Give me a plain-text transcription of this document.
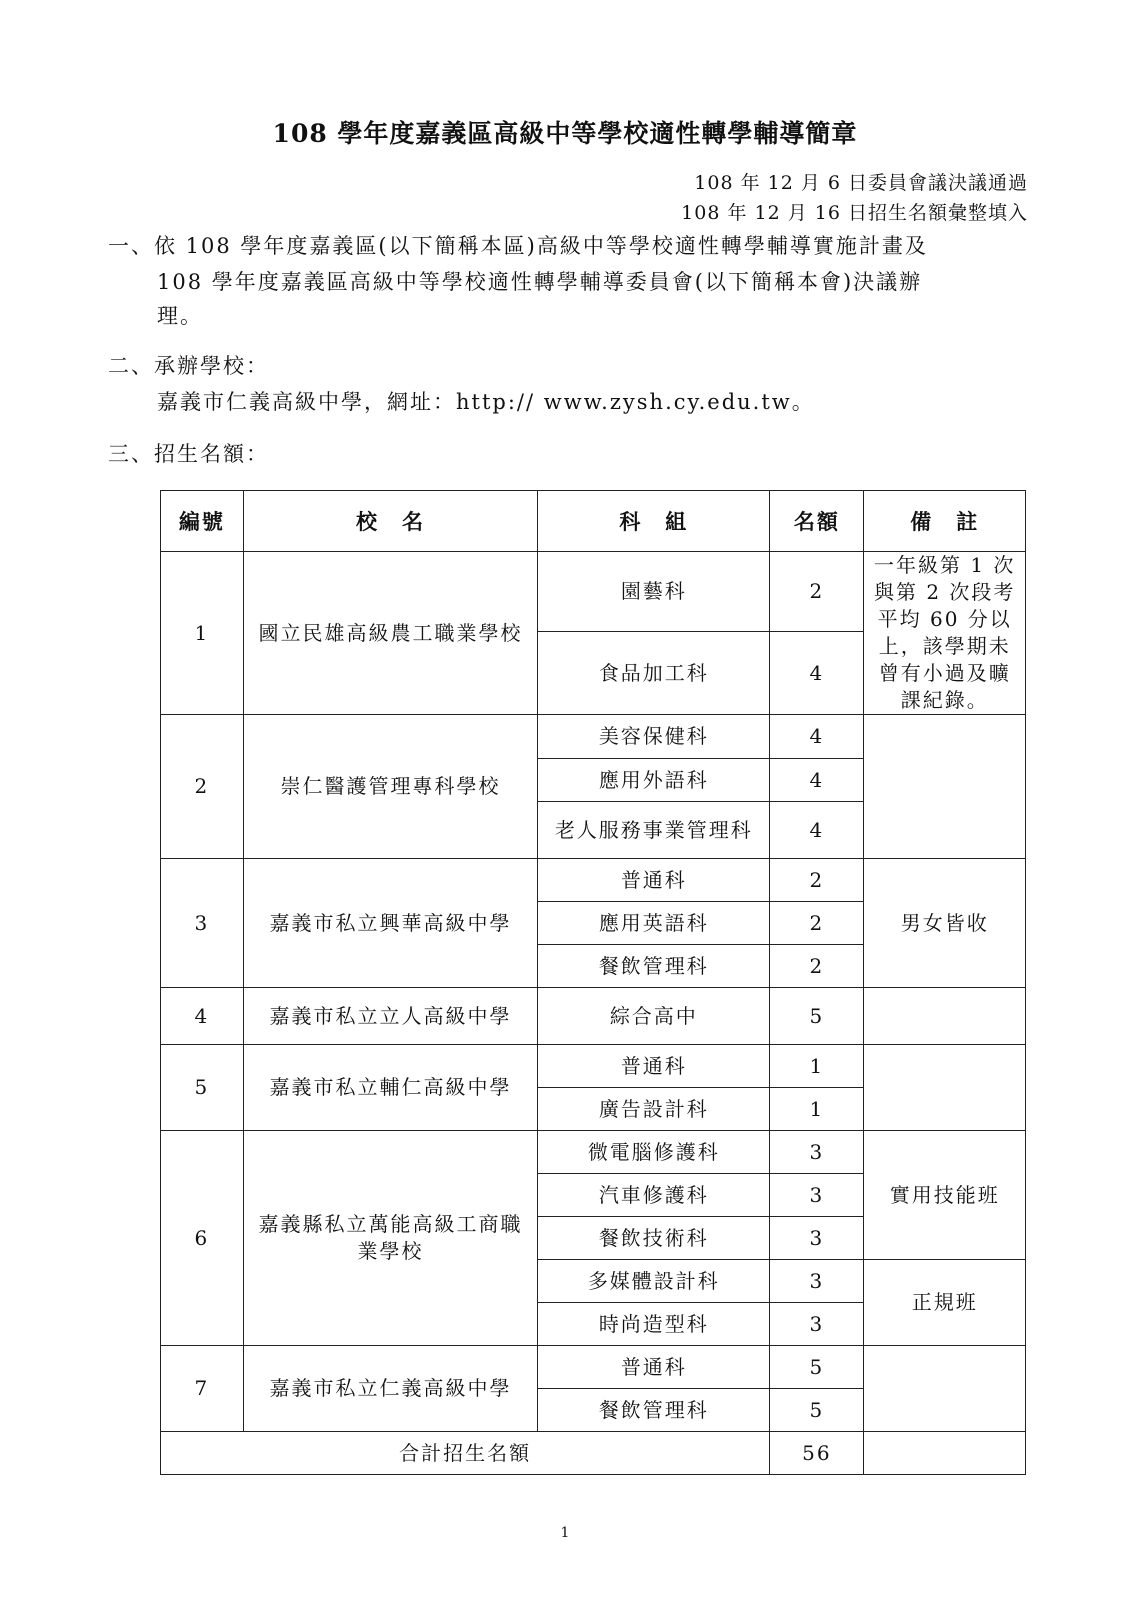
108 學年度嘉義區高級中等學校適性轉學輔導簡章
108 年 12 月 6 日委員會議決議通過
108 年 12 月 16 日招生名額彙整填入
一、依 108 學年度嘉義區(以下簡稱本區)高級中等學校適性轉學輔導實施計畫及
108 學年度嘉義區高級中等學校適性轉學輔導委員會(以下簡稱本會)決議辦
理。
二、承辦學校：
嘉義市仁義高級中學，網址：http:// www.zysh.cy.edu.tw。
三、招生名額：
編號	校　名	科　組	名額	備　註
1	國立民雄高級農工職業學校	園藝科	2	一年級第 1 次與第 2 次段考平均 60 分以上，該學期未曾有小過及曠課紀錄。
		食品加工科	4	
2	崇仁醫護管理專科學校	美容保健科	4	
		應用外語科	4	
		老人服務事業管理科	4	
3	嘉義市私立興華高級中學	普通科	2	男女皆收
		應用英語科	2	
		餐飲管理科	2	
4	嘉義市私立立人高級中學	綜合高中	5	
5	嘉義市私立輔仁高級中學	普通科	1	
		廣告設計科	1	
6	嘉義縣私立萬能高級工商職業學校	微電腦修護科	3	實用技能班
		汽車修護科	3	
		餐飲技術科	3	
		多媒體設計科	3	正規班
		時尚造型科	3	
7	嘉義市私立仁義高級中學	普通科	5	
		餐飲管理科	5	
合計招生名額			56	
1
